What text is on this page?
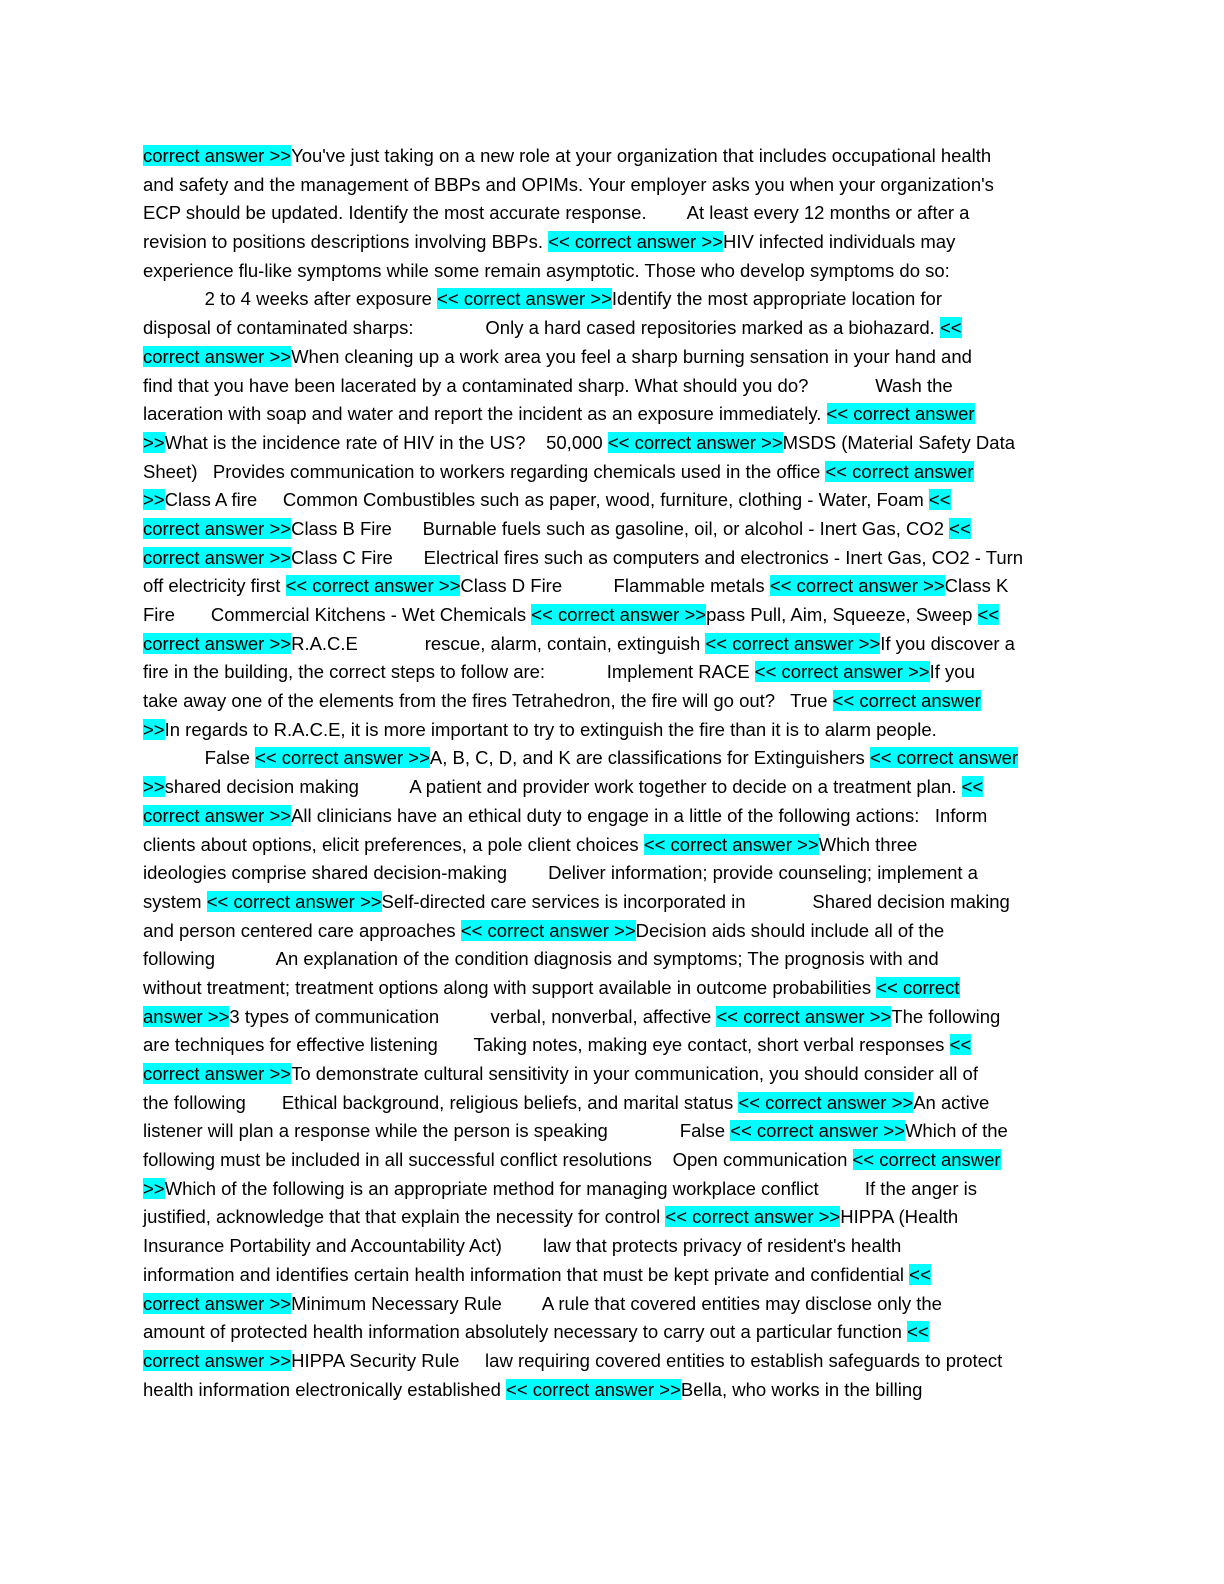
correct answer >>You've just taking on a new role at your organization that includes occupational health
and safety and the management of BBPs and OPIMs. Your employer asks you when your organization's
ECP should be updated. Identify the most accurate response.        At least every 12 months or after a
revision to positions descriptions involving BBPs. << correct answer >>HIV infected individuals may
experience flu-like symptoms while some remain asymptotic. Those who develop symptoms do so:
2 to 4 weeks after exposure << correct answer >>Identify the most appropriate location for
disposal of contaminated sharps:              Only a hard cased repositories marked as a biohazard. <<
correct answer >>When cleaning up a work area you feel a sharp burning sensation in your hand and
find that you have been lacerated by a contaminated sharp. What should you do?             Wash the
laceration with soap and water and report the incident as an exposure immediately. << correct answer
>>What is the incidence rate of HIV in the US?    50,000 << correct answer >>MSDS (Material Safety Data
Sheet)   Provides communication to workers regarding chemicals used in the office << correct answer
>>Class A fire     Common Combustibles such as paper, wood, furniture, clothing - Water, Foam <<
correct answer >>Class B Fire      Burnable fuels such as gasoline, oil, or alcohol - Inert Gas, CO2 <<
correct answer >>Class C Fire      Electrical fires such as computers and electronics - Inert Gas, CO2 - Turn
off electricity first << correct answer >>Class D Fire          Flammable metals << correct answer >>Class K
Fire       Commercial Kitchens - Wet Chemicals << correct answer >>pass Pull, Aim, Squeeze, Sweep <<
correct answer >>R.A.C.E             rescue, alarm, contain, extinguish << correct answer >>If you discover a
fire in the building, the correct steps to follow are:            Implement RACE << correct answer >>If you
take away one of the elements from the fires Tetrahedron, the fire will go out?   True << correct answer
>>In regards to R.A.C.E, it is more important to try to extinguish the fire than it is to alarm people.
False << correct answer >>A, B, C, D, and K are classifications for Extinguishers << correct answer
>>shared decision making          A patient and provider work together to decide on a treatment plan. <<
correct answer >>All clinicians have an ethical duty to engage in a little of the following actions:   Inform
clients about options, elicit preferences, a pole client choices << correct answer >>Which three
ideologies comprise shared decision-making        Deliver information; provide counseling; implement a
system << correct answer >>Self-directed care services is incorporated in             Shared decision making
and person centered care approaches << correct answer >>Decision aids should include all of the
following            An explanation of the condition diagnosis and symptoms; The prognosis with and
without treatment; treatment options along with support available in outcome probabilities << correct
answer >>3 types of communication          verbal, nonverbal, affective << correct answer >>The following
are techniques for effective listening       Taking notes, making eye contact, short verbal responses <<
correct answer >>To demonstrate cultural sensitivity in your communication, you should consider all of
the following       Ethical background, religious beliefs, and marital status << correct answer >>An active
listener will plan a response while the person is speaking              False << correct answer >>Which of the
following must be included in all successful conflict resolutions    Open communication << correct answer
>>Which of the following is an appropriate method for managing workplace conflict         If the anger is
justified, acknowledge that that explain the necessity for control << correct answer >>HIPPA (Health
Insurance Portability and Accountability Act)        law that protects privacy of resident's health
information and identifies certain health information that must be kept private and confidential <<
correct answer >>Minimum Necessary Rule        A rule that covered entities may disclose only the
amount of protected health information absolutely necessary to carry out a particular function <<
correct answer >>HIPPA Security Rule     law requiring covered entities to establish safeguards to protect
health information electronically established << correct answer >>Bella, who works in the billing
